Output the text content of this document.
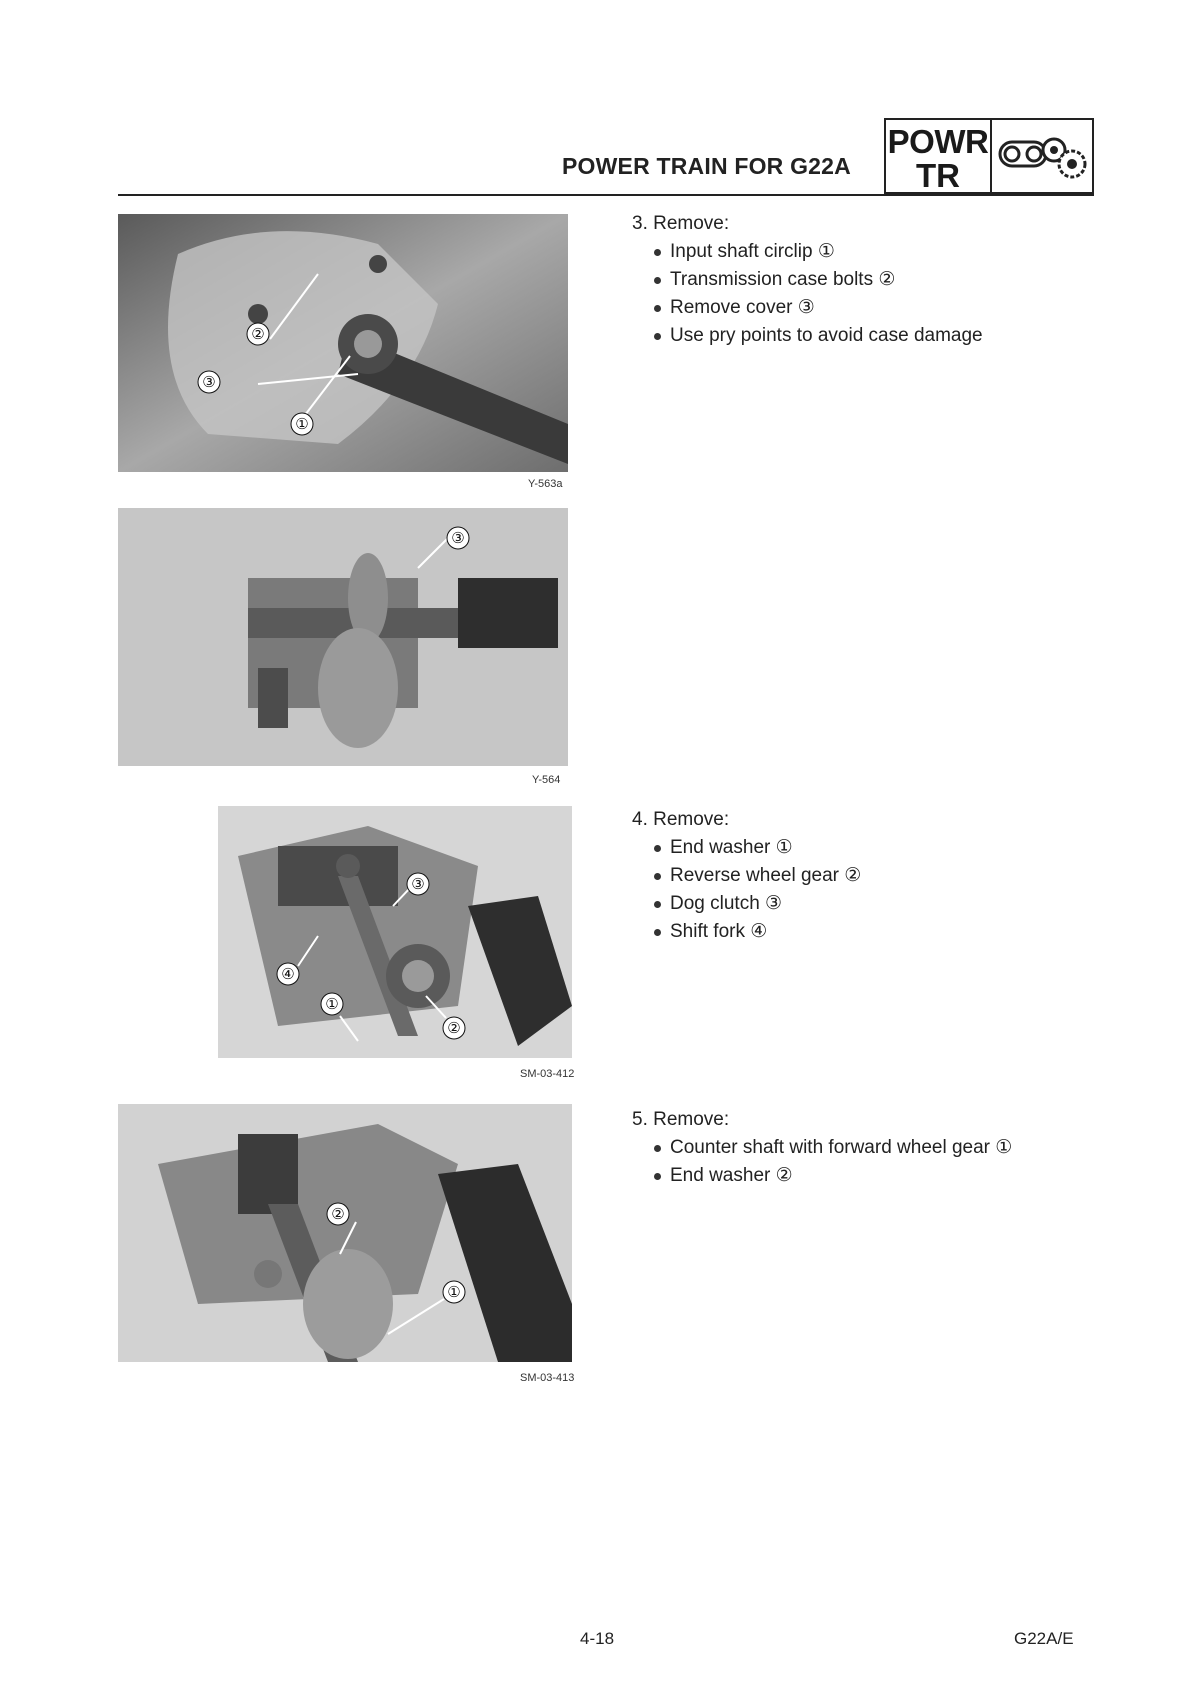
POWER TRAIN FOR G22A
POWR
TR
②
③
①
Y-563a
③
Y-564
③
④
①
②
SM-03-412
②
①
SM-03-413
3. Remove:
Input shaft circlip ①
Transmission case bolts ②
Remove cover ③
Use pry points to avoid case damage
4. Remove:
End washer ①
Reverse wheel gear ②
Dog clutch ③
Shift fork ④
5. Remove:
Counter shaft with forward wheel gear ①
End washer ②
4-18	G22A/E
